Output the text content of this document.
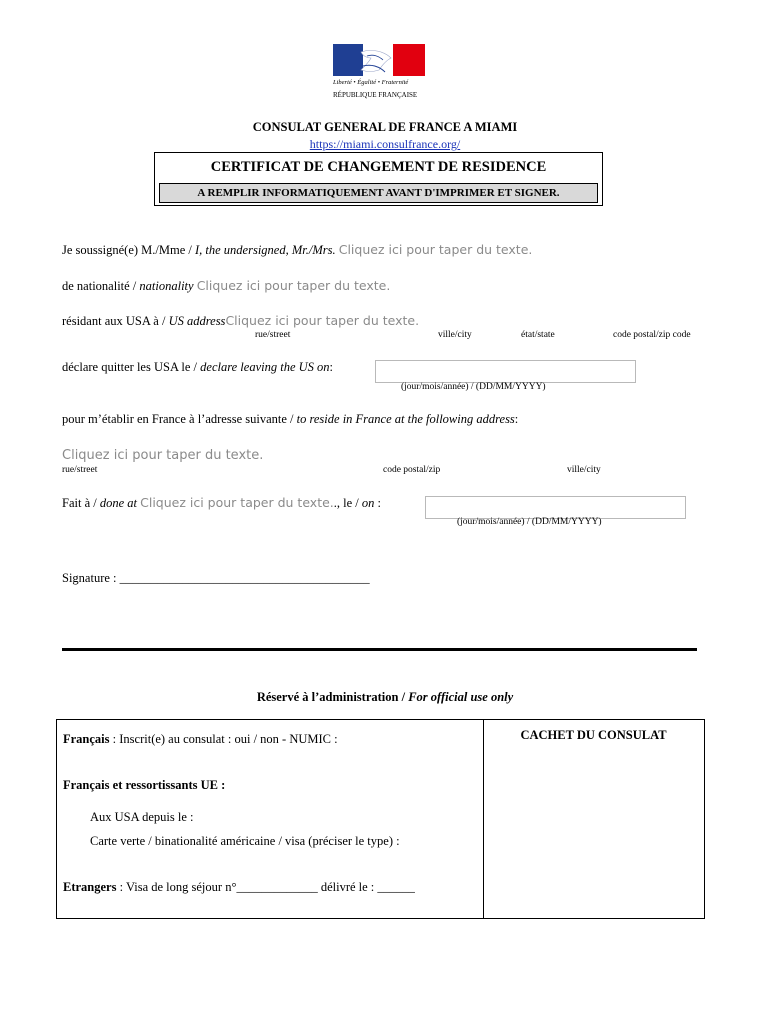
Liberté • Égalité • Fraternité
RÉPUBLIQUE FRANÇAISE
CONSULAT GENERAL DE FRANCE A MIAMI
https://miami.consulfrance.org/
CERTIFICAT DE CHANGEMENT DE RESIDENCE
A REMPLIR INFORMATIQUEMENT AVANT D'IMPRIMER ET SIGNER.
Je soussigné(e) M./Mme / I, the undersigned, Mr./Mrs. Cliquez ici pour taper du texte.
de nationalité / nationality Cliquez ici pour taper du texte.
résidant aux USA à / US addressCliquez ici pour taper du texte.
rue/street	ville/city	état/state	code postal/zip code
déclare quitter les USA le / declare leaving the US on:
(jour/mois/année) / (DD/MM/YYYY)
pour m’établir en France à l’adresse suivante / to reside in France at the following address:
Cliquez ici pour taper du texte.
rue/street	code postal/zip	ville/city
Fait à / done at Cliquez ici pour taper du texte.., le / on :
(jour/mois/année) / (DD/MM/YYYY)
Signature : ________________________________________
Réservé à l’administration / For official use only
Français : Inscrit(e) au consulat : oui / non - NUMIC :
Français et ressortissants UE :
Aux USA depuis le :
Carte verte / binationalité américaine / visa (préciser le type) :
Etrangers : Visa de long séjour n°_____________ délivré le : ______
CACHET DU CONSULAT
